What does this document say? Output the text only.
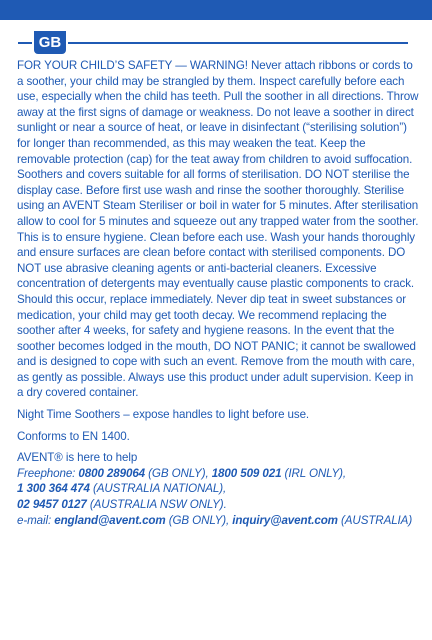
GB

FOR YOUR CHILD’S SAFETY — WARNING! Never attach ribbons or cords to a soother, your child may be strangled by them. Inspect carefully before each use, especially when the child has teeth. Pull the soother in all directions. Throw away at the first signs of damage or weakness. Do not leave a soother in direct sunlight or near a source of heat, or leave in disinfectant (“sterilising solution”) for longer than recommended, as this may weaken the teat. Keep the removable protection (cap) for the teat away from children to avoid suffocation. Soothers and covers suitable for all forms of sterilisation. DO NOT sterilise the display case. Before first use wash and rinse the soother thoroughly. Sterilise using an AVENT Steam Steriliser or boil in water for 5 minutes. After sterilisation allow to cool for 5 minutes and squeeze out any trapped water from the soother. This is to ensure hygiene. Clean before each use. Wash your hands thoroughly and ensure surfaces are clean before contact with sterilised components. DO NOT use abrasive cleaning agents or anti-bacterial cleaners. Excessive concentration of detergents may eventually cause plastic components to crack. Should this occur, replace immediately. Never dip teat in sweet substances or medication, your child may get tooth decay. We recommend replacing the soother after 4 weeks, for safety and hygiene reasons. In the event that the soother becomes lodged in the mouth, DO NOT PANIC; it cannot be swallowed and is designed to cope with such an event. Remove from the mouth with care, as gently as possible. Always use this product under adult supervision. Keep in a dry covered container.

Night Time Soothers – expose handles to light before use.

Conforms to EN 1400.

AVENT® is here to help
Freephone: 0800 289064 (GB ONLY), 1800 509 021 (IRL ONLY),
1 300 364 474 (AUSTRALIA NATIONAL),
02 9457 0127 (AUSTRALIA NSW ONLY).
e-mail: england@avent.com (GB ONLY), inquiry@avent.com (AUSTRALIA)
